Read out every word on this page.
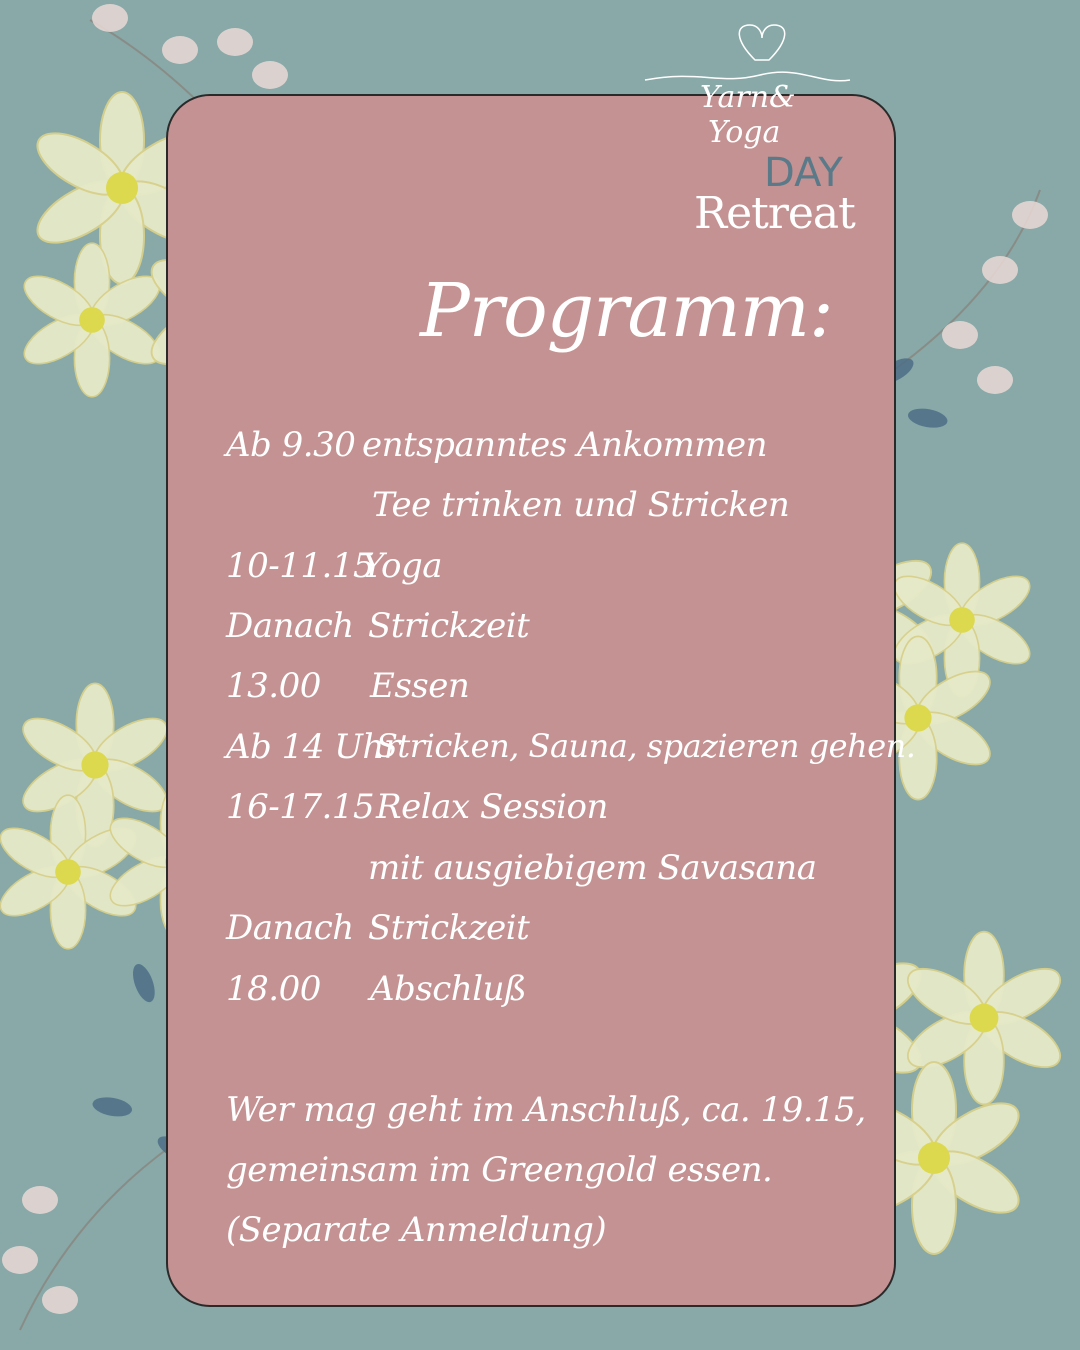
Yarn&
Yoga
DAY
Retreat
Programm:
Ab 9.30 entspanntes Ankommen
Tee trinken und Stricken
10-11.15
Yoga
Danach Strickzeit
13.00 Essen
Ab 14 Uhr
Stricken, Sauna, spazieren gehen.
16-17.15 Relax Session
mit ausgiebigem Savasana
Danach Strickzeit
18.00 Abschluß
Wer mag geht im Anschluß, ca. 19.15,
gemeinsam im Greengold essen.
(Separate Anmeldung)
